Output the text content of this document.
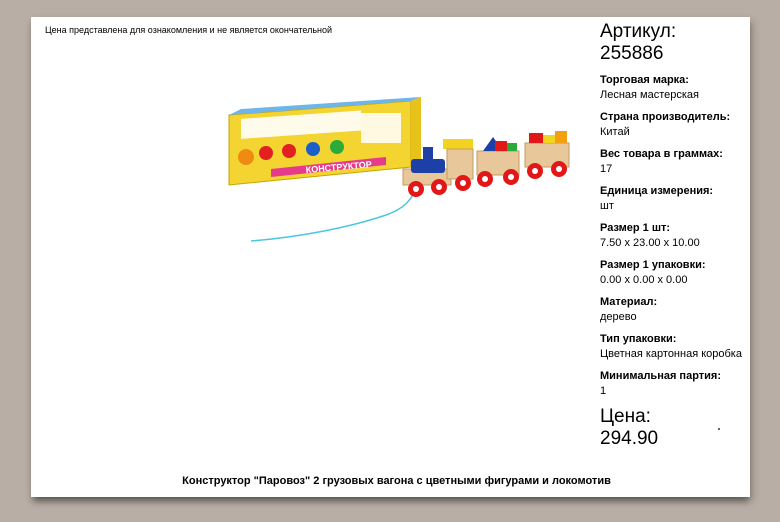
Цена представлена для ознакомления и не является окончательной
КОНСТРУКТОР
Артикул:
255886
Торговая марка:
Лесная мастерская
Страна производитель:
Китай
Вес товара в граммах:
17
Единица измерения:
шт
Размер 1 шт:
7.50 x 23.00 x 10.00
Размер 1 упаковки:
0.00 x 0.00 x 0.00
Материал:
дерево
Тип упаковки:
Цветная картонная коробка
Минимальная партия:
1
Цена:
294.90
Конструктор "Паровоз" 2 грузовых вагона с цветными фигурами и локомотив
